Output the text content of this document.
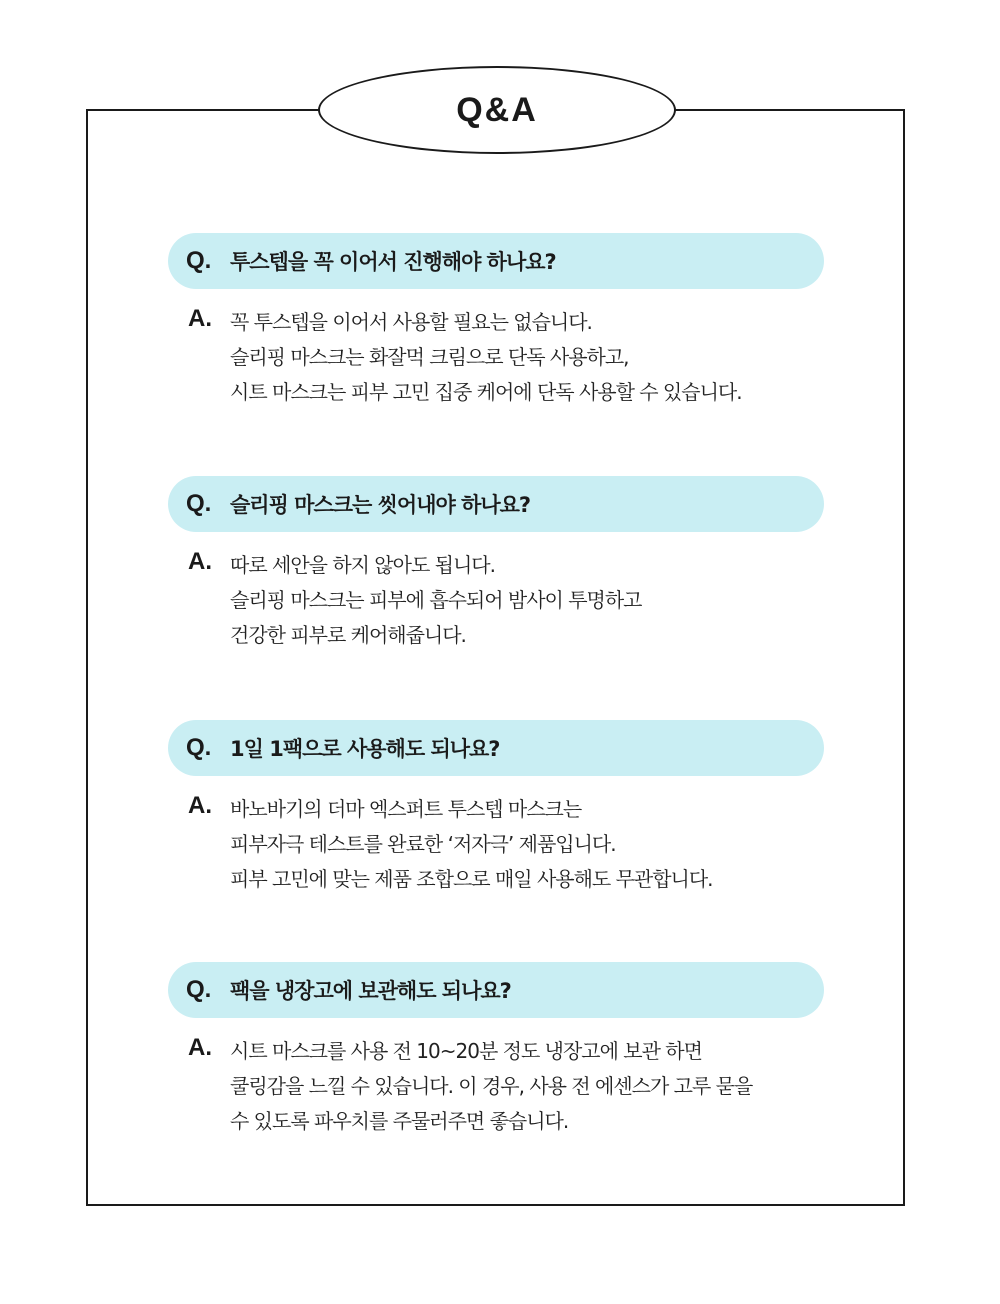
Q&A
Q. 투스텝을 꼭 이어서 진행해야 하나요?
A. 꼭 투스텝을 이어서 사용할 필요는 없습니다.
슬리핑 마스크는 화잘먹 크림으로 단독 사용하고,
시트 마스크는 피부 고민 집중 케어에 단독 사용할 수 있습니다.
Q. 슬리핑 마스크는 씻어내야 하나요?
A. 따로 세안을 하지 않아도 됩니다.
슬리핑 마스크는 피부에 흡수되어 밤사이 투명하고
건강한 피부로 케어해줍니다.
Q. 1일 1팩으로 사용해도 되나요?
A. 바노바기의 더마 엑스퍼트 투스텝 마스크는
피부자극 테스트를 완료한 ‘저자극’ 제품입니다.
피부 고민에 맞는 제품 조합으로 매일 사용해도 무관합니다.
Q. 팩을 냉장고에 보관해도 되나요?
A. 시트 마스크를 사용 전 10~20분 정도 냉장고에 보관 하면
쿨링감을 느낄 수 있습니다. 이 경우, 사용 전 에센스가 고루 묻을
수 있도록 파우치를 주물러주면 좋습니다.
